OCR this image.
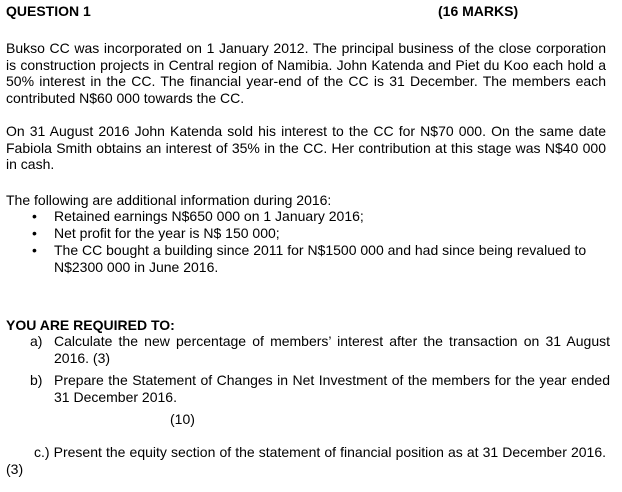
QUESTION 1	(16 MARKS)
Bukso CC was incorporated on 1 January 2012. The principal business of the close corporation is construction projects in Central region of Namibia. John Katenda and Piet du Koo each hold a 50% interest in the CC. The financial year-end of the CC is 31 December. The members each contributed N$60 000 towards the CC.
On 31 August 2016 John Katenda sold his interest to the CC for N$70 000. On the same date Fabiola Smith obtains an interest of 35% in the CC. Her contribution at this stage was N$40 000 in cash.
The following are additional information during 2016:
• Retained earnings N$650 000 on 1 January 2016;
• Net profit for the year is N$ 150 000;
• The CC bought a building since 2011 for N$1500 000 and had since being revalued to N$2300 000 in June 2016.
YOU ARE REQUIRED TO:
a) Calculate the new percentage of members’ interest after the transaction on 31 August 2016. (3)
b) Prepare the Statement of Changes in Net Investment of the members for the year ended 31 December 2016.
(10)
c.) Present the equity section of the statement of financial position as at 31 December 2016. (3)
